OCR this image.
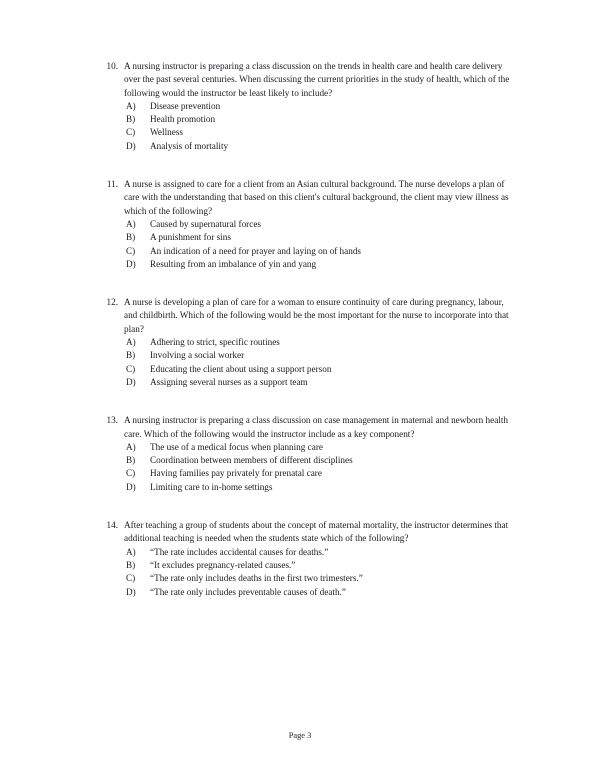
10. A nursing instructor is preparing a class discussion on the trends in health care and health care delivery over the past several centuries. When discussing the current priorities in the study of health, which of the following would the instructor be least likely to include?
A)	Disease prevention
B)	Health promotion
C)	Wellness
D)	Analysis of mortality
11. A nurse is assigned to care for a client from an Asian cultural background. The nurse develops a plan of care with the understanding that based on this client's cultural background, the client may view illness as which of the following?
A)	Caused by supernatural forces
B)	A punishment for sins
C)	An indication of a need for prayer and laying on of hands
D)	Resulting from an imbalance of yin and yang
12. A nurse is developing a plan of care for a woman to ensure continuity of care during pregnancy, labour, and childbirth. Which of the following would be the most important for the nurse to incorporate into that plan?
A)	Adhering to strict, specific routines
B)	Involving a social worker
C)	Educating the client about using a support person
D)	Assigning several nurses as a support team
13. A nursing instructor is preparing a class discussion on case management in maternal and newborn health care. Which of the following would the instructor include as a key component?
A)	The use of a medical focus when planning care
B)	Coordination between members of different disciplines
C)	Having families pay privately for prenatal care
D)	Limiting care to in-home settings
14. After teaching a group of students about the concept of maternal mortality, the instructor determines that additional teaching is needed when the students state which of the following?
A)	“The rate includes accidental causes for deaths.”
B)	“It excludes pregnancy-related causes.”
C)	“The rate only includes deaths in the first two trimesters.”
D)	“The rate only includes preventable causes of death.”
Page 3
